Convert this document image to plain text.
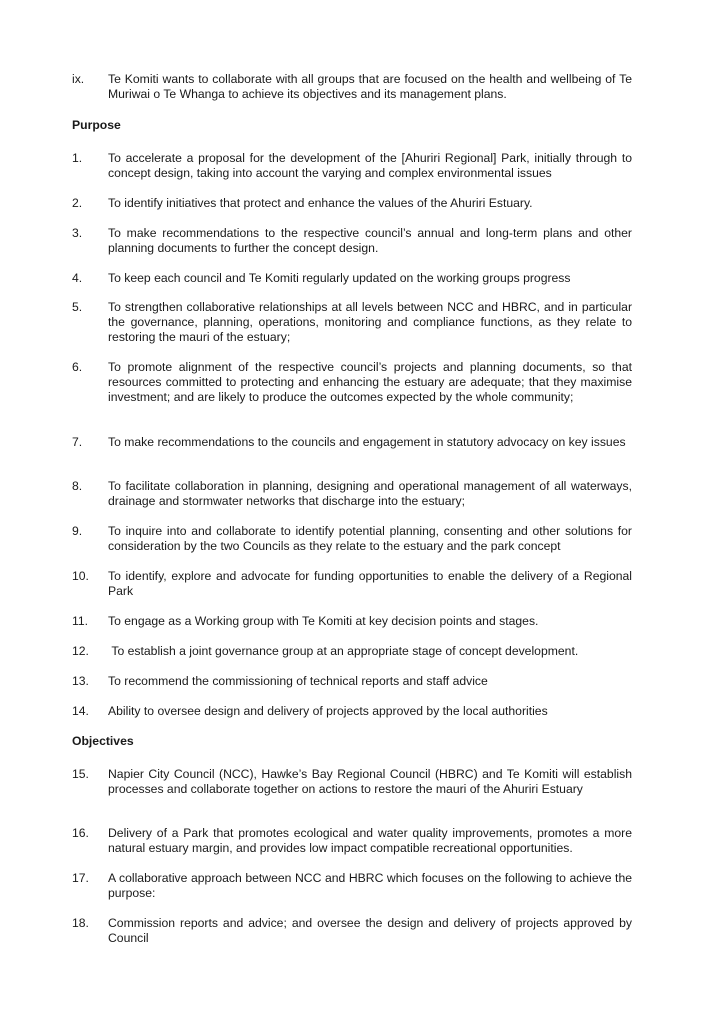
ix.	Te Komiti wants to collaborate with all groups that are focused on the health and wellbeing of Te Muriwai o Te Whanga to achieve its objectives and its management plans.
Purpose
1.	To accelerate a proposal for the development of the [Ahuriri Regional] Park, initially through to concept design, taking into account the varying and complex environmental issues
2.	To identify initiatives that protect and enhance the values of the Ahuriri Estuary.
3.	To make recommendations to the respective council’s annual and long-term plans and other planning documents to further the concept design.
4.	To keep each council and Te Komiti regularly updated on the working groups progress
5.	To strengthen collaborative relationships at all levels between NCC and HBRC, and in particular the governance, planning, operations, monitoring and compliance functions, as they relate to restoring the mauri of the estuary;
6.	To promote alignment of the respective council’s projects and planning documents, so that resources committed to protecting and enhancing the estuary are adequate; that they maximise investment; and are likely to produce the outcomes expected by the whole community;
7.	To make recommendations to the councils and engagement in statutory advocacy on key issues
8.	To facilitate collaboration in planning, designing and operational management of all waterways, drainage and stormwater networks that discharge into the estuary;
9.	To inquire into and collaborate to identify potential planning, consenting and other solutions for consideration by the two Councils as they relate to the estuary and the park concept
10.	To identify, explore and advocate for funding opportunities to enable the delivery of a Regional Park
11.	To engage as a Working group with Te Komiti at key decision points and stages.
12.	To establish a joint governance group at an appropriate stage of concept development.
13.	To recommend the commissioning of technical reports and staff advice
14.	Ability to oversee design and delivery of projects approved by the local authorities
Objectives
15.	Napier City Council (NCC), Hawke’s Bay Regional Council (HBRC) and Te Komiti will establish processes and collaborate together on actions to restore the mauri of the Ahuriri Estuary
16.	Delivery of a Park that promotes ecological and water quality improvements, promotes a more natural estuary margin, and provides low impact compatible recreational opportunities.
17.	A collaborative approach between NCC and HBRC which focuses on the following to achieve the purpose:
18.	Commission reports and advice; and oversee the design and delivery of projects approved by Council
